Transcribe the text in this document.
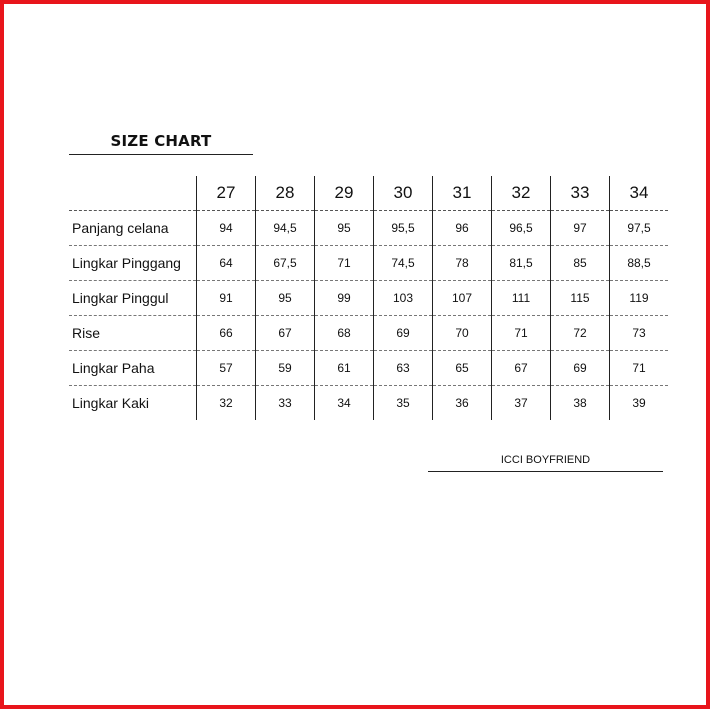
SIZE CHART
	27	28	29	30	31	32	33	34
Panjang celana	94	94,5	95	95,5	96	96,5	97	97,5
Lingkar Pinggang	64	67,5	71	74,5	78	81,5	85	88,5
Lingkar Pinggul	91	95	99	103	107	111	115	119
Rise	66	67	68	69	70	71	72	73
Lingkar Paha	57	59	61	63	65	67	69	71
Lingkar Kaki	32	33	34	35	36	37	38	39
ICCI BOYFRIEND
